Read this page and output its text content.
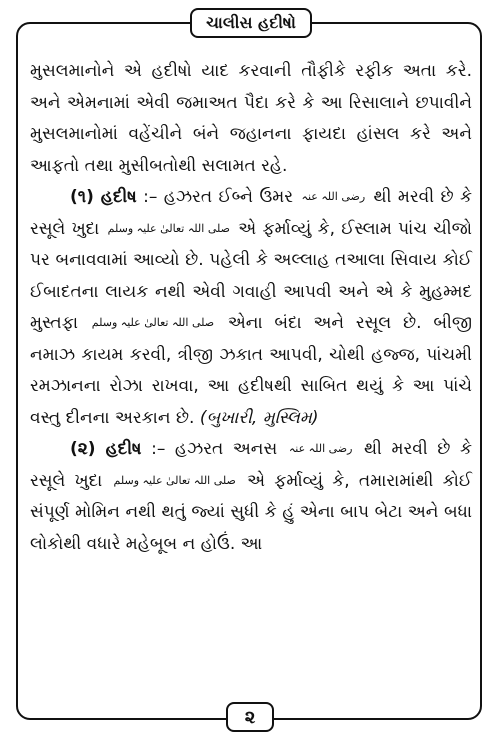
ચાલીસ હદીષો

મુસલમાનોને એ હદીષો યાદ કરવાની તૌફીકે રફીક અતા કરે. અને એમનામાં એવી જમાઅત પૈદા કરે કે આ રિસાલાને છપાવીને મુસલમાનોમાં વહેંચીને બંને જહાનના ફાયદા હાંસલ કરે અને આફતો તથા મુસીબતોથી સલામત રહે.

(૧) હદીષ :– હઝરત ઈબ્ને ઉમર رضی اللہ عنہ થી મરવી છે કે રસૂલે ખુદા صلی اللہ تعالیٰ علیہ وسلم એ ફર્માવ્યું કે, ઈસ્લામ પાંચ ચીજો પર બનાવવામાં આવ્યો છે. પહેલી કે અલ્લાહ તઆલા સિવાય કોઈ ઈબાદતના લાયક નથી એવી ગવાહી આપવી અને એ કે મુહમ્મદ મુસ્તફા صلی اللہ تعالیٰ علیہ وسلم એના બંદા અને રસૂલ છે. બીજી નમાઝ કાયમ કરવી, ત્રીજી ઝકાત આપવી, ચોથી હજ્જ, પાંચમી રમઝાનના રોઝા રાખવા, આ હદીષથી સાબિત થયું કે આ પાંચે વસ્તુ દીનના અરકાન છે. (બુખારી, મુસ્લિમ)

(૨) હદીષ :– હઝરત અનસ رضی اللہ عنہ થી મરવી છે કે રસૂલે ખુદા صلی اللہ تعالیٰ علیہ وسلم એ ફર્માવ્યું કે, તમારામાંથી કોઈ સંપૂર્ણ મોમિન નથી થતું જ્યાં સુધી કે હું એના બાપ બેટા અને બધા લોકોથી વધારે મહેબૂબ ન હોઉં. આ

૨
